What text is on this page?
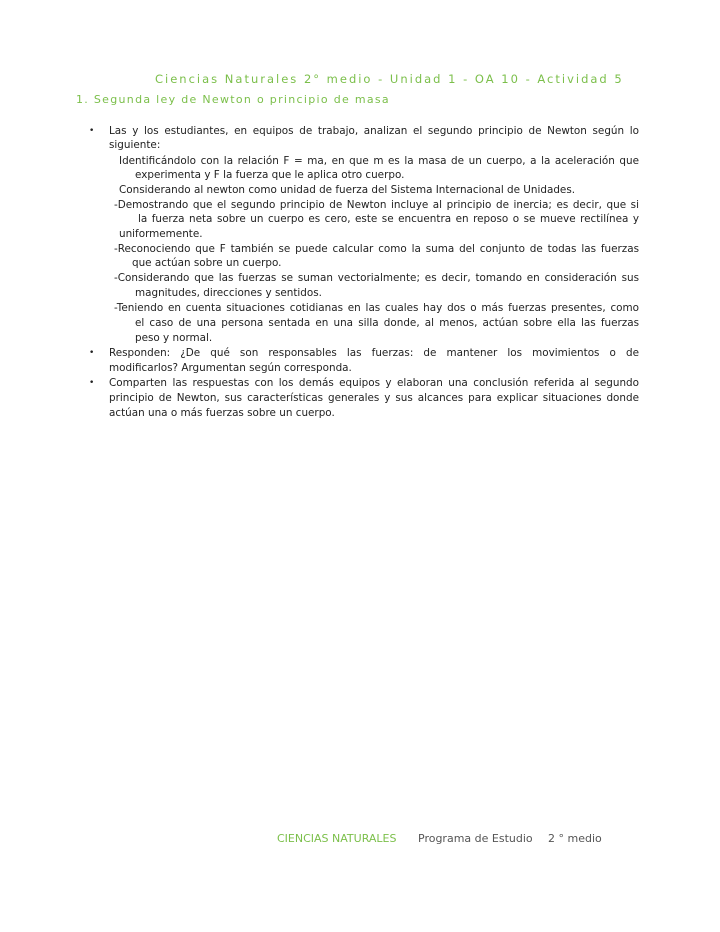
Ciencias Naturales 2° medio - Unidad 1 - OA 10 - Actividad 5
1. Segunda ley de Newton o principio de masa
• Las y los estudiantes, en equipos de trabajo, analizan el segundo principio de Newton según lo
siguiente:
Identificándolo con la relación F = ma, en que m es la masa de un cuerpo, a la aceleración que
experimenta y F la fuerza que le aplica otro cuerpo.
Considerando al newton como unidad de fuerza del Sistema Internacional de Unidades.
-Demostrando que el segundo principio de Newton incluye al principio de inercia; es decir, que si
la fuerza neta sobre un cuerpo es cero, este se encuentra en reposo o se mueve rectilínea y
uniformemente.
-Reconociendo que F también se puede calcular como la suma del conjunto de todas las fuerzas
que actúan sobre un cuerpo.
-Considerando que las fuerzas se suman vectorialmente; es decir, tomando en consideración sus
magnitudes, direcciones y sentidos.
-Teniendo en cuenta situaciones cotidianas en las cuales hay dos o más fuerzas presentes, como
el caso de una persona sentada en una silla donde, al menos, actúan sobre ella las fuerzas
peso y normal.
• Responden: ¿De qué son responsables las fuerzas: de mantener los movimientos o de
modificarlos? Argumentan según corresponda.
• Comparten las respuestas con los demás equipos y elaboran una conclusión referida al segundo
principio de Newton, sus características generales y sus alcances para explicar situaciones donde
actúan una o más fuerzas sobre un cuerpo.
CIENCIAS NATURALES Programa de Estudio 2 ° medio
